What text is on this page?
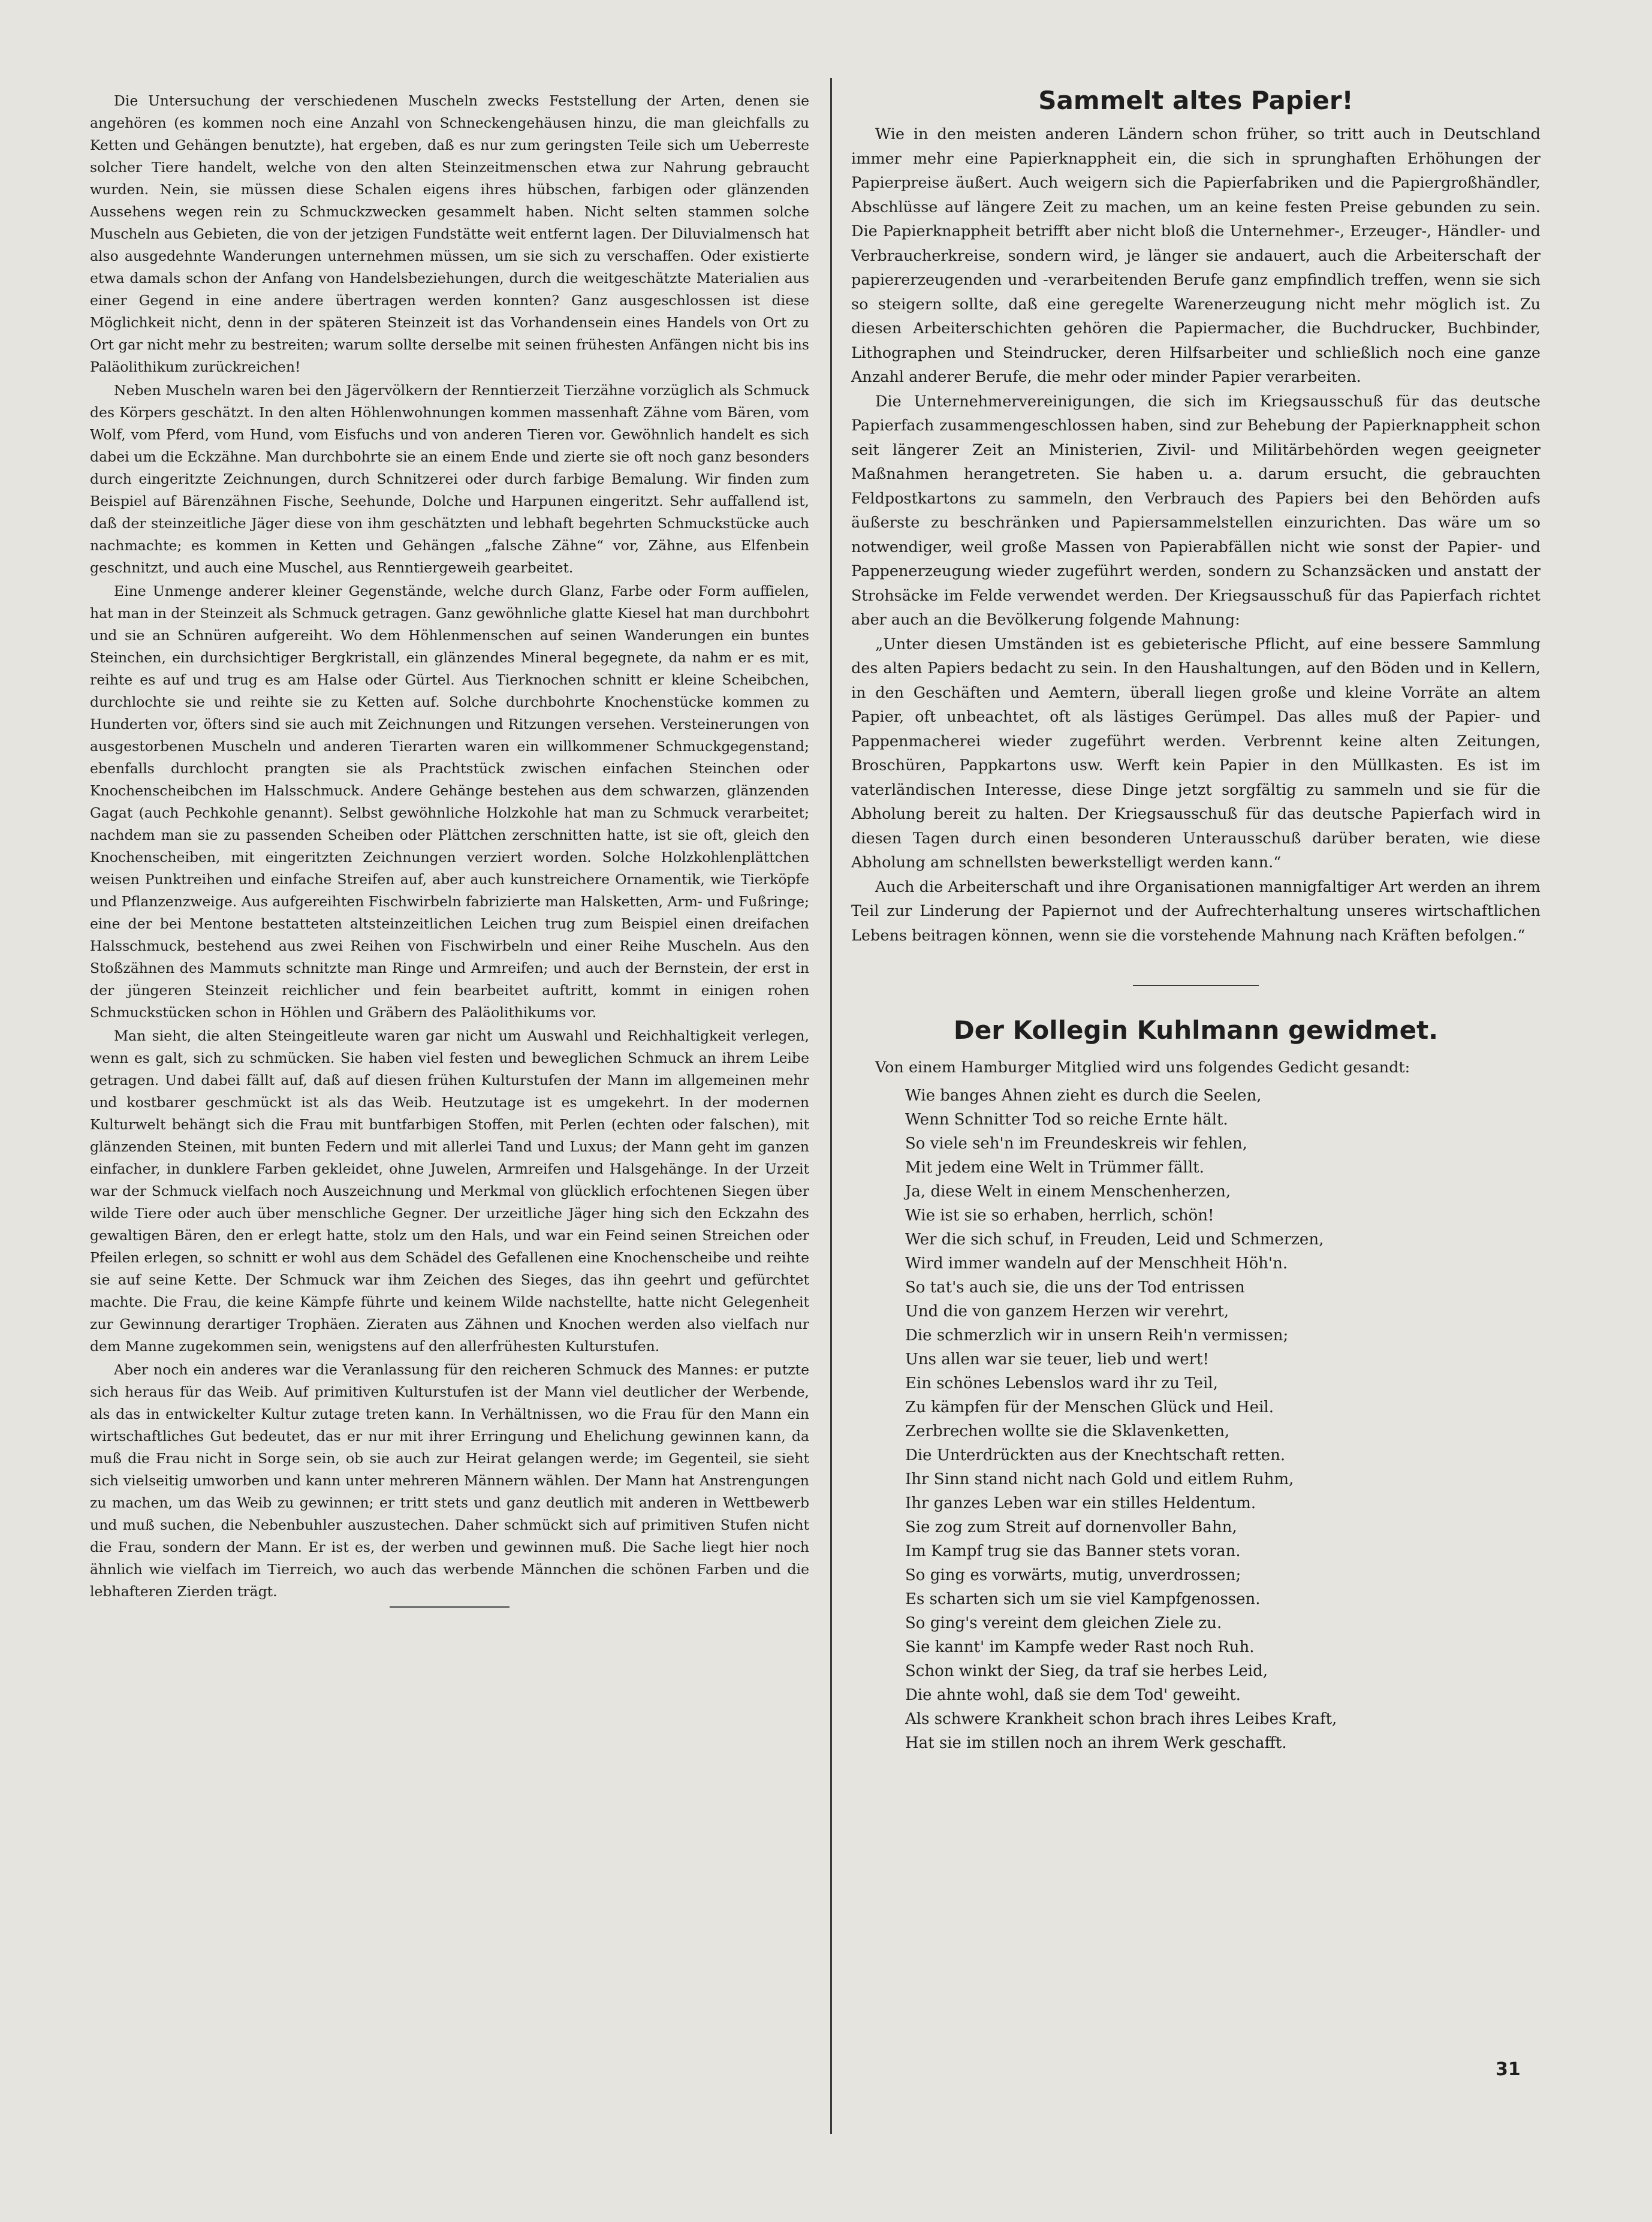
Die Untersuchung der verschiedenen Muscheln zwecks Feststellung der Arten, denen sie angehören (es kommen noch eine Anzahl von Schneckengehäusen hinzu, die man gleichfalls zu Ketten und Gehängen benutzte), hat ergeben, daß es nur zum geringsten Teile sich um Ueberreste solcher Tiere handelt, welche von den alten Steinzeitmenschen etwa zur Nahrung gebraucht wurden. Nein, sie müssen diese Schalen eigens ihres hübschen, farbigen oder glänzenden Aussehens wegen rein zu Schmuckzwecken gesammelt haben. Nicht selten stammen solche Muscheln aus Gebieten, die von der jetzigen Fundstätte weit entfernt lagen. Der Diluvialmensch hat also ausgedehnte Wanderungen unternehmen müssen, um sie sich zu verschaffen. Oder existierte etwa damals schon der Anfang von Handelsbeziehungen, durch die weitgeschätzte Materialien aus einer Gegend in eine andere übertragen werden konnten? Ganz ausgeschlossen ist diese Möglichkeit nicht, denn in der späteren Steinzeit ist das Vorhandensein eines Handels von Ort zu Ort gar nicht mehr zu bestreiten; warum sollte derselbe mit seinen frühesten Anfängen nicht bis ins Paläolithikum zurückreichen!

Neben Muscheln waren bei den Jägervölkern der Renntierzeit Tierzähne vorzüglich als Schmuck des Körpers geschätzt. In den alten Höhlenwohnungen kommen massenhaft Zähne vom Bären, vom Wolf, vom Pferd, vom Hund, vom Eisfuchs und von anderen Tieren vor. Gewöhnlich handelt es sich dabei um die Eckzähne. Man durchbohrte sie an einem Ende und zierte sie oft noch ganz besonders durch eingeritzte Zeichnungen, durch Schnitzerei oder durch farbige Bemalung. Wir finden zum Beispiel auf Bärenzähnen Fische, Seehunde, Dolche und Harpunen eingeritzt. Sehr auffallend ist, daß der steinzeitliche Jäger diese von ihm geschätzten und lebhaft begehrten Schmuckstücke auch nachmachte; es kommen in Ketten und Gehängen „falsche Zähne“ vor, Zähne, aus Elfenbein geschnitzt, und auch eine Muschel, aus Renntiergeweih gearbeitet.

Eine Unmenge anderer kleiner Gegenstände, welche durch Glanz, Farbe oder Form auffielen, hat man in der Steinzeit als Schmuck getragen. Ganz gewöhnliche glatte Kiesel hat man durchbohrt und sie an Schnüren aufgereiht. Wo dem Höhlenmenschen auf seinen Wanderungen ein buntes Steinchen, ein durchsichtiger Bergkristall, ein glänzendes Mineral begegnete, da nahm er es mit, reihte es auf und trug es am Halse oder Gürtel. Aus Tierknochen schnitt er kleine Scheibchen, durchlochte sie und reihte sie zu Ketten auf. Solche durchbohrte Knochenstücke kommen zu Hunderten vor, öfters sind sie auch mit Zeichnungen und Ritzungen versehen. Versteinerungen von ausgestorbenen Muscheln und anderen Tierarten waren ein willkommener Schmuckgegenstand; ebenfalls durchlocht prangten sie als Prachtstück zwischen einfachen Steinchen oder Knochenscheibchen im Halsschmuck. Andere Gehänge bestehen aus dem schwarzen, glänzenden Gagat (auch Pechkohle genannt). Selbst gewöhnliche Holzkohle hat man zu Schmuck verarbeitet; nachdem man sie zu passenden Scheiben oder Plättchen zerschnitten hatte, ist sie oft, gleich den Knochenscheiben, mit eingeritzten Zeichnungen verziert worden. Solche Holzkohlenplättchen weisen Punktreihen und einfache Streifen auf, aber auch kunstreichere Ornamentik, wie Tierköpfe und Pflanzenzweige. Aus aufgereihten Fischwirbeln fabrizierte man Halsketten, Arm- und Fußringe; eine der bei Mentone bestatteten altsteinzeitlichen Leichen trug zum Beispiel einen dreifachen Halsschmuck, bestehend aus zwei Reihen von Fischwirbeln und einer Reihe Muscheln. Aus den Stoßzähnen des Mammuts schnitzte man Ringe und Armreifen; und auch der Bernstein, der erst in der jüngeren Steinzeit reichlicher und fein bearbeitet auftritt, kommt in einigen rohen Schmuckstücken schon in Höhlen und Gräbern des Paläolithikums vor.

Man sieht, die alten Steingeitleute waren gar nicht um Auswahl und Reichhaltigkeit verlegen, wenn es galt, sich zu schmücken. Sie haben viel festen und beweglichen Schmuck an ihrem Leibe getragen. Und dabei fällt auf, daß auf diesen frühen Kulturstufen der Mann im allgemeinen mehr und kostbarer geschmückt ist als das Weib. Heutzutage ist es umgekehrt. In der modernen Kulturwelt behängt sich die Frau mit buntfarbigen Stoffen, mit Perlen (echten oder falschen), mit glänzenden Steinen, mit bunten Federn und mit allerlei Tand und Luxus; der Mann geht im ganzen einfacher, in dunklere Farben gekleidet, ohne Juwelen, Armreifen und Halsgehänge. In der Urzeit war der Schmuck vielfach noch Auszeichnung und Merkmal von glücklich erfochtenen Siegen über wilde Tiere oder auch über menschliche Gegner. Der urzeitliche Jäger hing sich den Eckzahn des gewaltigen Bären, den er erlegt hatte, stolz um den Hals, und war ein Feind seinen Streichen oder Pfeilen erlegen, so schnitt er wohl aus dem Schädel des Gefallenen eine Knochenscheibe und reihte sie auf seine Kette. Der Schmuck war ihm Zeichen des Sieges, das ihn geehrt und gefürchtet machte. Die Frau, die keine Kämpfe führte und keinem Wilde nachstellte, hatte nicht Gelegenheit zur Gewinnung derartiger Trophäen. Zieraten aus Zähnen und Knochen werden also vielfach nur dem Manne zugekommen sein, wenigstens auf den allerfrühesten Kulturstufen.

Aber noch ein anderes war die Veranlassung für den reicheren Schmuck des Mannes: er putzte sich heraus für das Weib. Auf primitiven Kulturstufen ist der Mann viel deutlicher der Werbende, als das in entwickelter Kultur zutage treten kann. In Verhältnissen, wo die Frau für den Mann ein wirtschaftliches Gut bedeutet, das er nur mit ihrer Erringung und Ehelichung gewinnen kann, da muß die Frau nicht in Sorge sein, ob sie auch zur Heirat gelangen werde; im Gegenteil, sie sieht sich vielseitig umworben und kann unter mehreren Männern wählen. Der Mann hat Anstrengungen zu machen, um das Weib zu gewinnen; er tritt stets und ganz deutlich mit anderen in Wettbewerb und muß suchen, die Nebenbuhler auszustechen. Daher schmückt sich auf primitiven Stufen nicht die Frau, sondern der Mann. Er ist es, der werben und gewinnen muß. Die Sache liegt hier noch ähnlich wie vielfach im Tierreich, wo auch das werbende Männchen die schönen Farben und die lebhafteren Zierden trägt.

Sammelt altes Papier!

Wie in den meisten anderen Ländern schon früher, so tritt auch in Deutschland immer mehr eine Papierknappheit ein, die sich in sprunghaften Erhöhungen der Papierpreise äußert. Auch weigern sich die Papierfabriken und die Papiergroßhändler, Abschlüsse auf längere Zeit zu machen, um an keine festen Preise gebunden zu sein. Die Papierknappheit betrifft aber nicht bloß die Unternehmer-, Erzeuger-, Händler- und Verbraucherkreise, sondern wird, je länger sie andauert, auch die Arbeiterschaft der papiererzeugenden und -verarbeitenden Berufe ganz empfindlich treffen, wenn sie sich so steigern sollte, daß eine geregelte Warenerzeugung nicht mehr möglich ist. Zu diesen Arbeiterschichten gehören die Papiermacher, die Buchdrucker, Buchbinder, Lithographen und Steindrucker, deren Hilfsarbeiter und schließlich noch eine ganze Anzahl anderer Berufe, die mehr oder minder Papier verarbeiten.

Die Unternehmervereinigungen, die sich im Kriegsausschuß für das deutsche Papierfach zusammengeschlossen haben, sind zur Behebung der Papierknappheit schon seit längerer Zeit an Ministerien, Zivil- und Militärbehörden wegen geeigneter Maßnahmen herangetreten. Sie haben u. a. darum ersucht, die gebrauchten Feldpostkartons zu sammeln, den Verbrauch des Papiers bei den Behörden aufs äußerste zu beschränken und Papiersammelstellen einzurichten. Das wäre um so notwendiger, weil große Massen von Papierabfällen nicht wie sonst der Papier- und Pappenerzeugung wieder zugeführt werden, sondern zu Schanzsäcken und anstatt der Strohsäcke im Felde verwendet werden. Der Kriegsausschuß für das Papierfach richtet aber auch an die Bevölkerung folgende Mahnung:

„Unter diesen Umständen ist es gebieterische Pflicht, auf eine bessere Sammlung des alten Papiers bedacht zu sein. In den Haushaltungen, auf den Böden und in Kellern, in den Geschäften und Aemtern, überall liegen große und kleine Vorräte an altem Papier, oft unbeachtet, oft als lästiges Gerümpel. Das alles muß der Papier- und Pappenmacherei wieder zugeführt werden. Verbrennt keine alten Zeitungen, Broschüren, Pappkartons usw. Werft kein Papier in den Müllkasten. Es ist im vaterländischen Interesse, diese Dinge jetzt sorgfältig zu sammeln und sie für die Abholung bereit zu halten. Der Kriegsausschuß für das deutsche Papierfach wird in diesen Tagen durch einen besonderen Unterausschuß darüber beraten, wie diese Abholung am schnellsten bewerkstelligt werden kann.“

Auch die Arbeiterschaft und ihre Organisationen mannigfaltiger Art werden an ihrem Teil zur Linderung der Papiernot und der Aufrechterhaltung unseres wirtschaftlichen Lebens beitragen können, wenn sie die vorstehende Mahnung nach Kräften befolgen.“

Der Kollegin Kuhlmann gewidmet.

Von einem Hamburger Mitglied wird uns folgendes Gedicht gesandt:

Wie banges Ahnen zieht es durch die Seelen,
Wenn Schnitter Tod so reiche Ernte hält.
So viele seh'n im Freundeskreis wir fehlen,
Mit jedem eine Welt in Trümmer fällt.
Ja, diese Welt in einem Menschenherzen,
Wie ist sie so erhaben, herrlich, schön!
Wer die sich schuf, in Freuden, Leid und Schmerzen,
Wird immer wandeln auf der Menschheit Höh'n.
So tat's auch sie, die uns der Tod entrissen
Und die von ganzem Herzen wir verehrt,
Die schmerzlich wir in unsern Reih'n vermissen;
Uns allen war sie teuer, lieb und wert!
Ein schönes Lebenslos ward ihr zu Teil,
Zu kämpfen für der Menschen Glück und Heil.
Zerbrechen wollte sie die Sklavenketten,
Die Unterdrückten aus der Knechtschaft retten.
Ihr Sinn stand nicht nach Gold und eitlem Ruhm,
Ihr ganzes Leben war ein stilles Heldentum.
Sie zog zum Streit auf dornenvoller Bahn,
Im Kampf trug sie das Banner stets voran.
So ging es vorwärts, mutig, unverdrossen;
Es scharten sich um sie viel Kampfgenossen.
So ging's vereint dem gleichen Ziele zu.
Sie kannt' im Kampfe weder Rast noch Ruh.
Schon winkt der Sieg, da traf sie herbes Leid,
Die ahnte wohl, daß sie dem Tod' geweiht.
Als schwere Krankheit schon brach ihres Leibes Kraft,
Hat sie im stillen noch an ihrem Werk geschafft.
31
